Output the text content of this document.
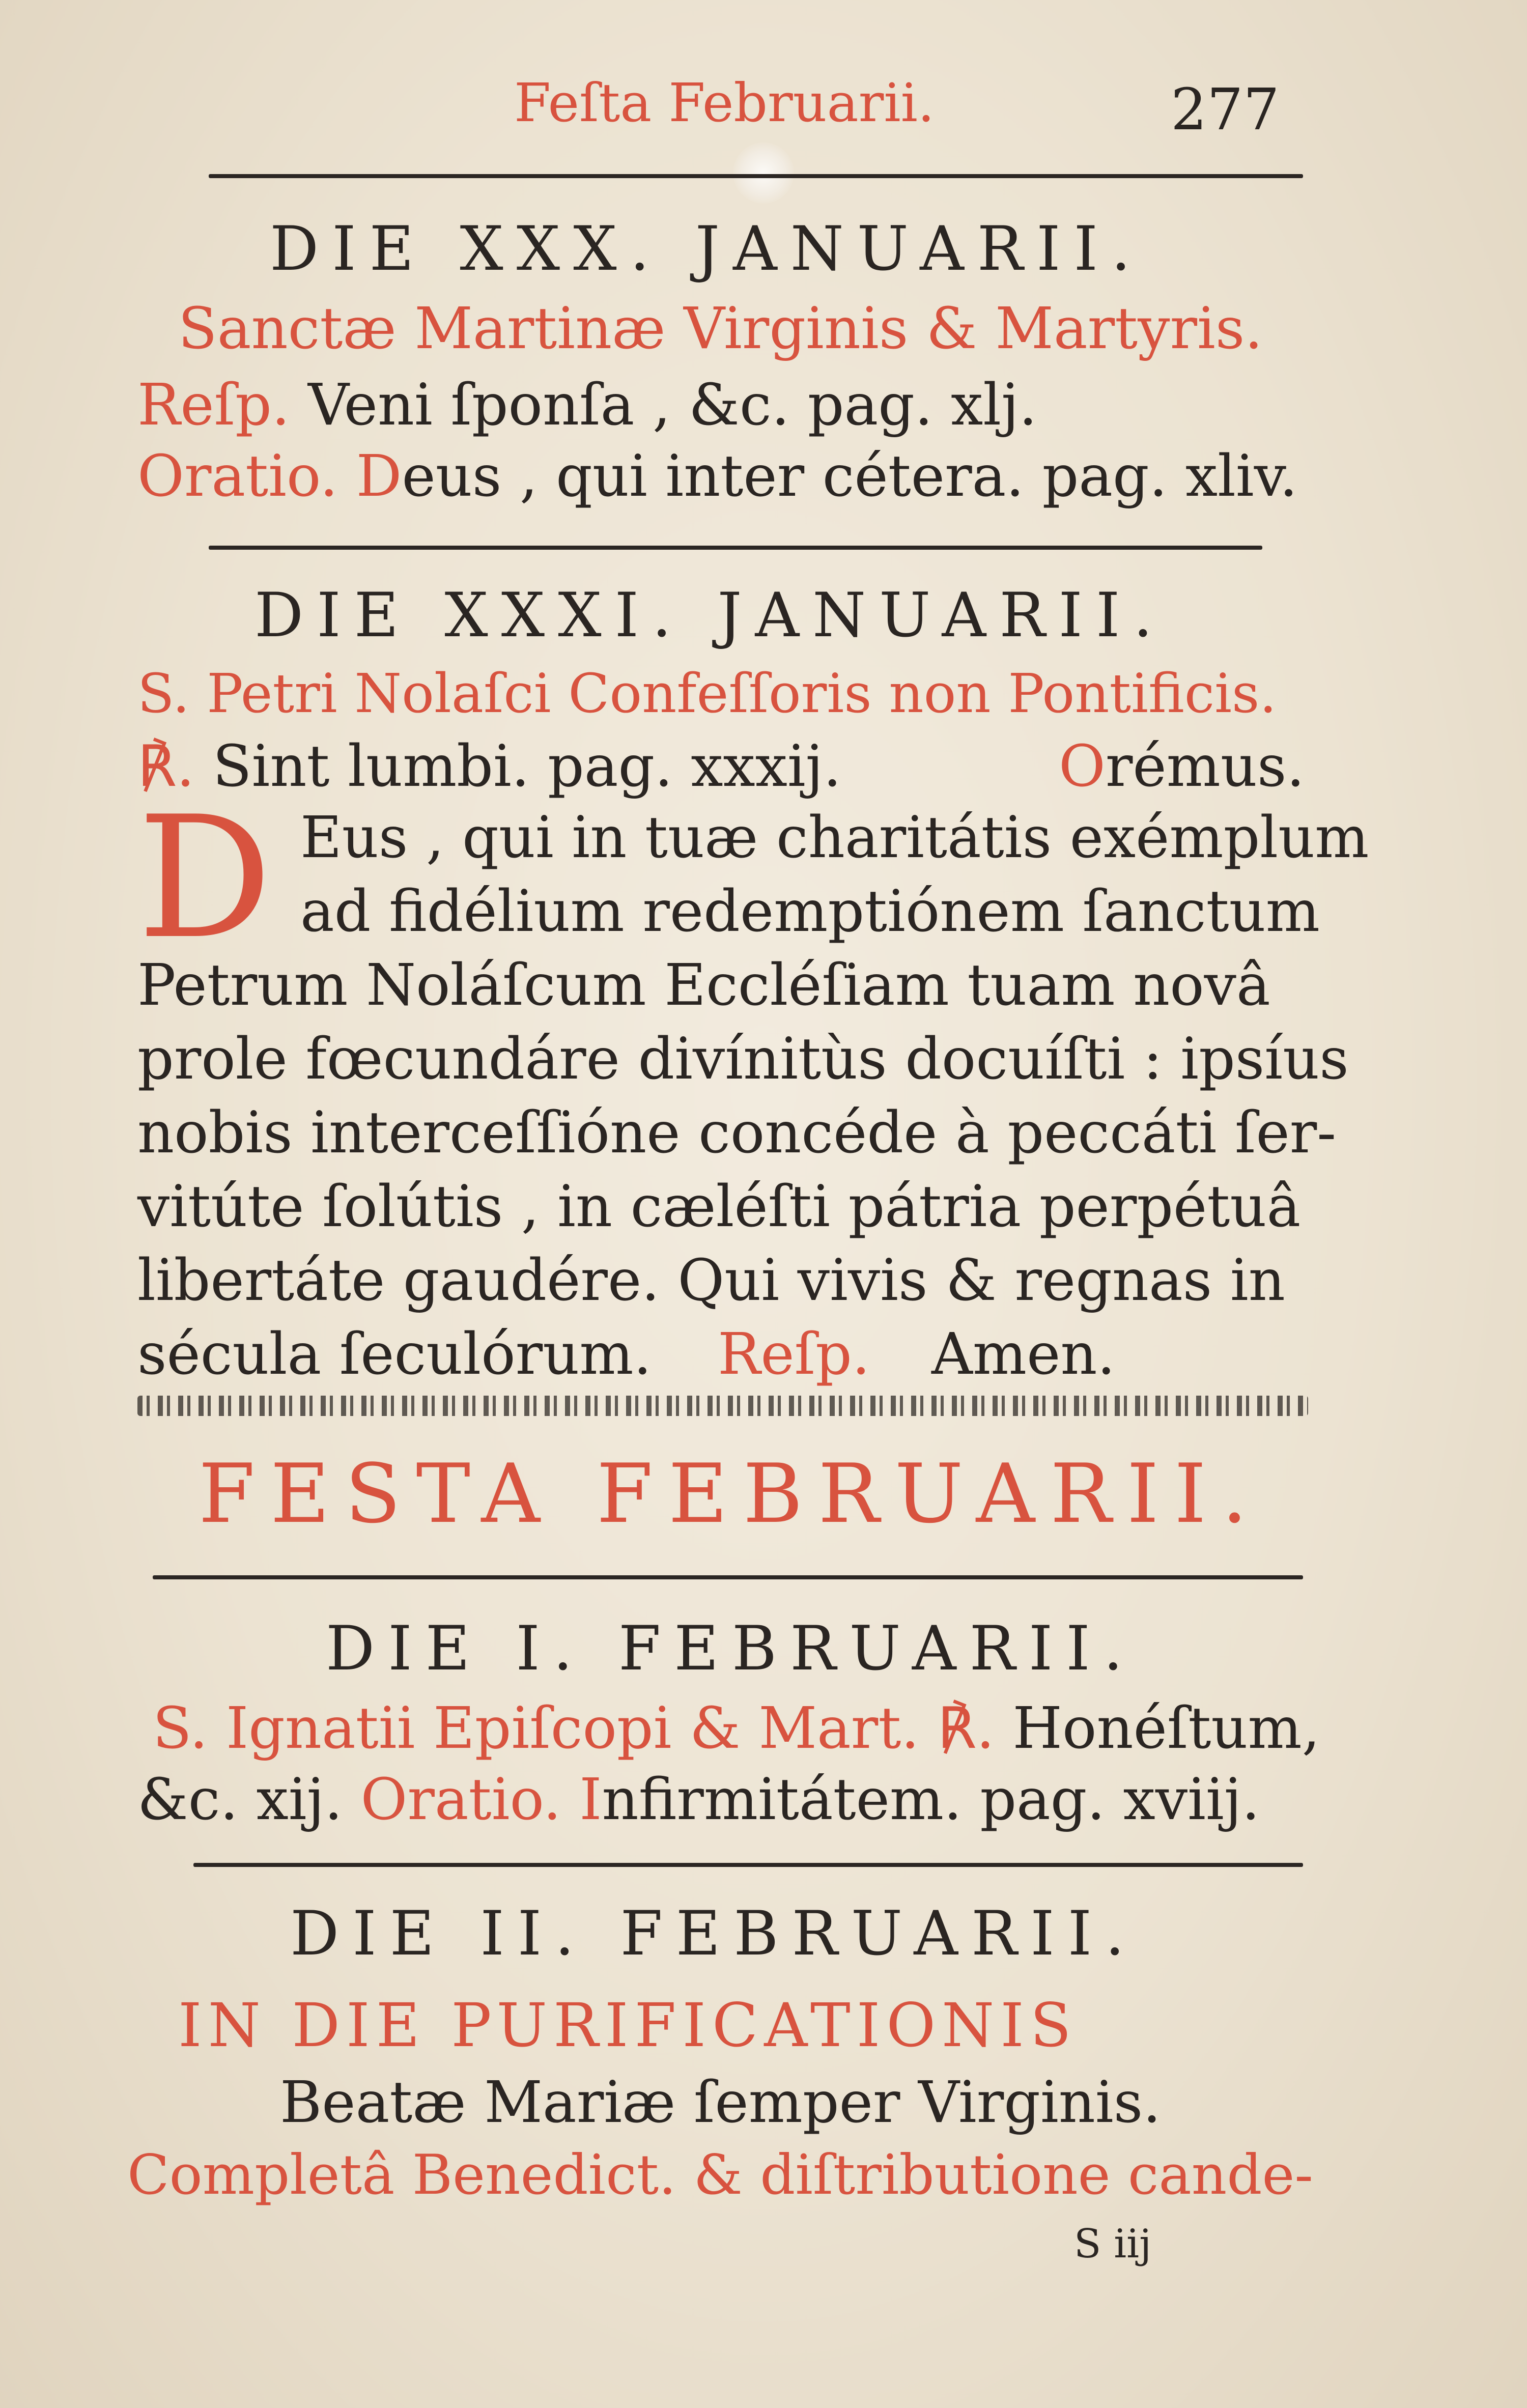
Feſta Februarii.	277
DIE XXX. JANUARII.
Sanctæ Martinæ Virginis & Martyris.
Reſp. Veni ſponſa , &c. pag. xlj.
Oratio. Deus , qui inter cétera. pag. xliv.
DIE XXXI. JANUARII.
S. Petri Nolaſci Confeſſoris non Pontificis.
℟. Sint lumbi. pag. xxxij.	Orémus.
D Eus , qui in tuæ charitátis exémplum
ad fidélium redemptiónem ſanctum
Petrum Noláſcum Eccléſiam tuam novâ
prole fœcundáre divínitùs docuíſti : ipsíus
nobis interceſſióne concéde à peccáti ſer-
vitúte ſolútis , in cæléſti pátria perpétuâ
libertáte gaudére. Qui vivis & regnas in
sécula ſeculórum. Reſp. Amen.
FESTA FEBRUARII.
DIE I. FEBRUARII.
S. Ignatii Epiſcopi & Mart. ℟. Honéſtum,
&c. xij. Oratio. Infirmitátem. pag. xviij.
DIE II. FEBRUARII.
IN DIE PURIFICATIONIS
Beatæ Mariæ ſemper Virginis.
Completâ Benedict. & diſtributione cande-
S iij
